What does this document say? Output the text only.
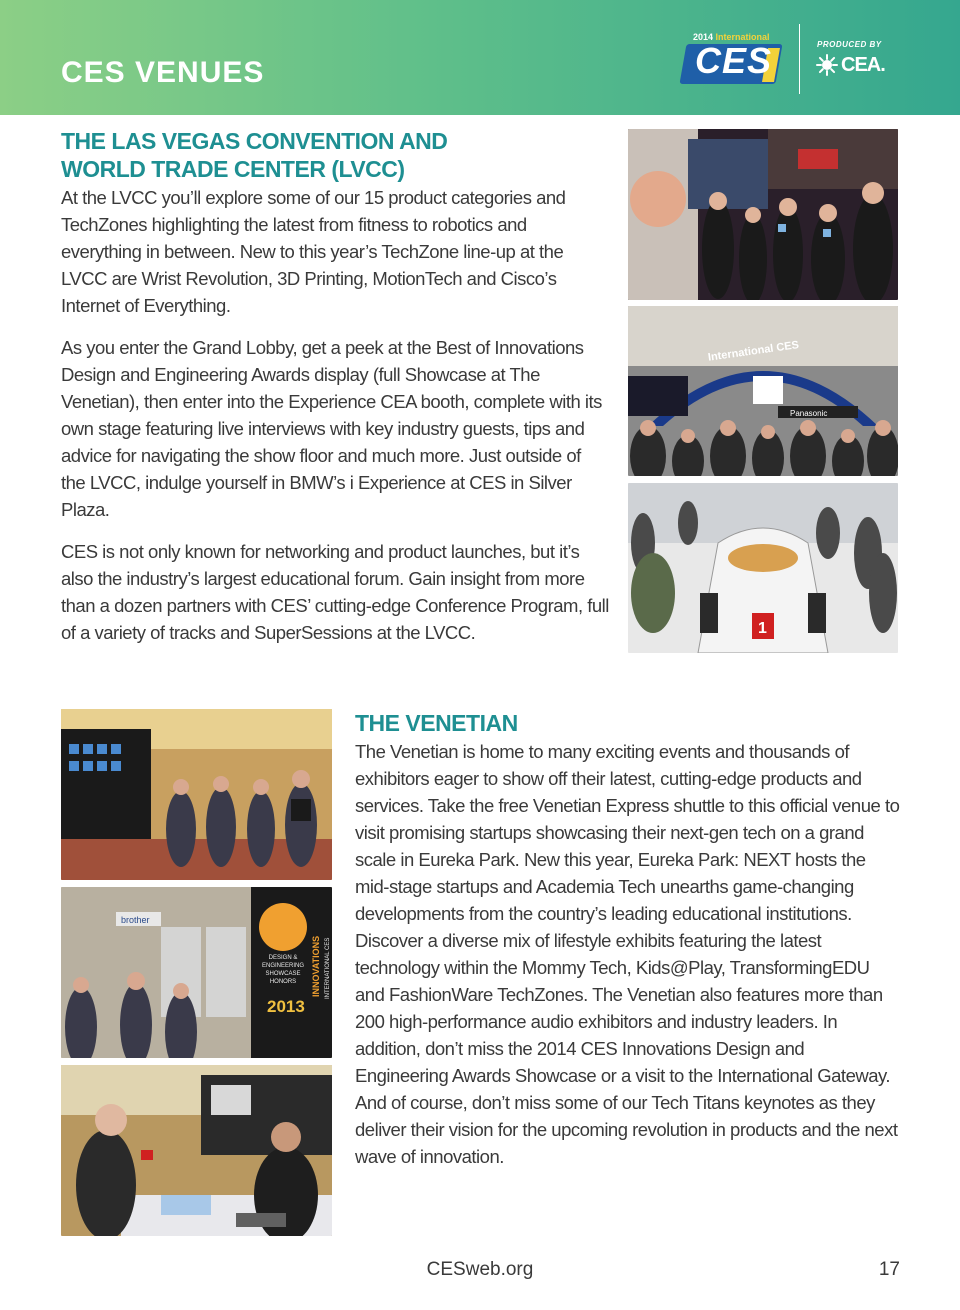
CES VENUES	CES
2014 International
PRODUCED BY
CEA.
THE LAS VEGAS CONVENTION AND
WORLD TRADE CENTER (LVCC)

At the LVCC you’ll explore some of our 15 product categories and TechZones highlighting the latest from fitness to robotics and everything in between. New to this year’s TechZone line-up at the LVCC are Wrist Revolution, 3D Printing, MotionTech and Cisco’s Internet of Everything.

As you enter the Grand Lobby, get a peek at the Best of Innovations Design and Engineering Awards display (full Showcase at The Venetian), then enter into the Experience CEA booth, complete with its own stage featuring live interviews with key industry guests, tips and advice for navigating the show floor and much more. Just outside of the LVCC, indulge yourself in BMW’s i Experience at CES in Silver Plaza.

CES is not only known for networking and product launches, but it’s also the industry’s largest educational forum. Gain insight from more than a dozen partners with CES’ cutting-edge Conference Program, full of a variety of tracks and SuperSessions at the LVCC.

International CES
Panasonic
1
brother
DESIGN &
ENGINEERING
SHOWCASE
HONORS
2013
INNOVATIONS INTERNATIONAL CES
THE VENETIAN

The Venetian is home to many exciting events and thousands of exhibitors eager to show off their latest, cutting-edge products and services. Take the free Venetian Express shuttle to this official venue to visit promising startups showcasing their next-gen tech on a grand scale in Eureka Park. New this year, Eureka Park: NEXT hosts the mid-stage startups and Academia Tech unearths game-changing developments from the country’s leading educational institutions. Discover a diverse mix of lifestyle exhibits featuring the latest technology within the Mommy Tech, Kids@Play, TransformingEDU and FashionWare TechZones. The Venetian also features more than 200 high-performance audio exhibitors and industry leaders. In addition, don’t miss the 2014 CES Innovations Design and Engineering Awards Showcase or a visit to the International Gateway. And of course, don’t miss some of our Tech Titans keynotes as they deliver their vision for the upcoming revolution in products and the next wave of innovation.

CESweb.org	17
